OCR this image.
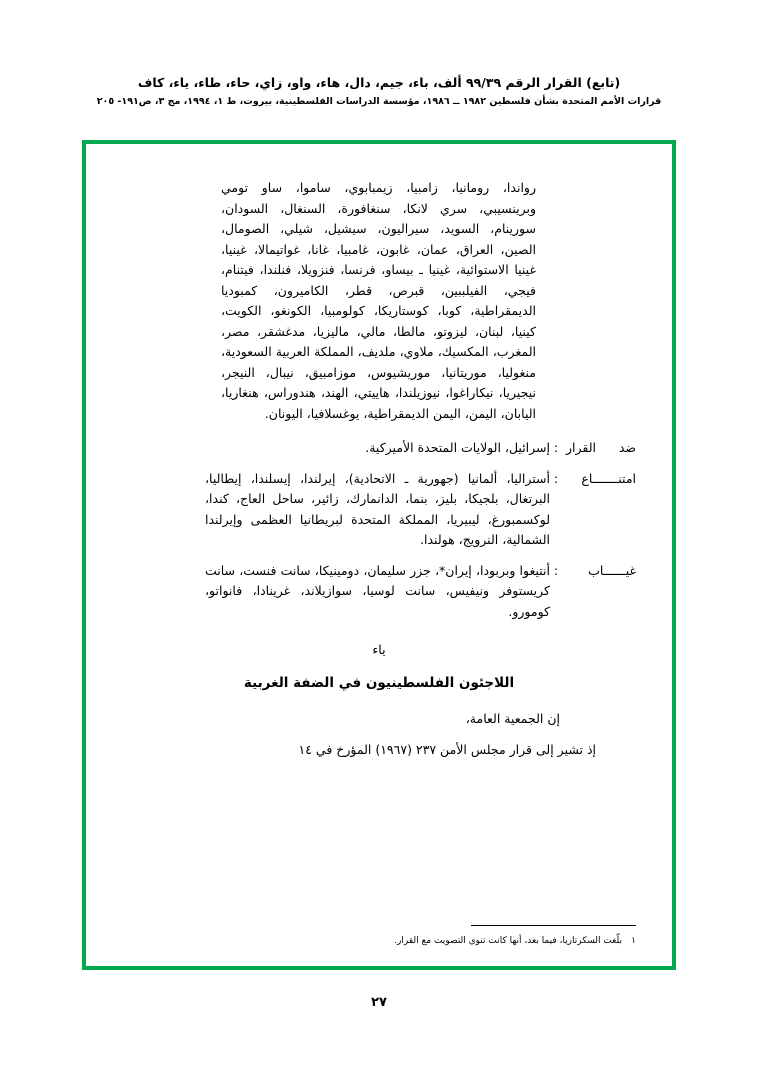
(تابع) القرار الرقم ٩٩/٣٩ ألف، باء، جيم، دال، هاء، واو، زاي، حاء، طاء، ياء، كاف
قرارات الأمم المتحدة بشأن فلسطين ١٩٨٢ ــ ١٩٨٦، مؤسسة الدراسات الفلسطينية، بيروت، ط ١، ١٩٩٤، مج ٣، ص١٩١- ٢٠٥
رواندا، رومانيا، زامبيا، زيمبابوي، ساموا، ساو تومي وبرينسيبي، سري لانكا، سنغافورة، السنغال، السودان، سورينام، السويد، سيراليون، سيشيل، شيلي، الصومال، الصين، العراق، عمان، غابون، غامبيا، غانا، غواتيمالا، غينيا، غينيا الاستوائية، غينيا ـ بيساو، فرنسا، فنزويلا، فنلندا، فيتنام، فيجي، الفيلببين، قبرص، قطر، الكاميرون، كمبوديا الديمقراطية، كوبا، كوستاريكا، كولومبيا، الكونغو، الكويت، كينيا، لبنان، ليزوتو، مالطا، مالي، ماليزيا، مدغشقر، مصر، المغرب، المكسيك، ملاوي، ملديف، المملكة العربية السعودية، منغوليا، موريتانيا، موريشيوس، موزامبيق، نيبال، النيجر، نيجيريا، نيكاراغوا، نيوزيلندا، هاييتي، الهند، هندوراس، هنغاريا، اليابان، اليمن، اليمن الديمقراطية، يوغسلافيا، اليونان.
ضد القرار
:
إسرائيل، الولايات المتحدة الأميركية.
امتنـــــــاع
:
أستراليا، ألمانيا (جهورية ـ الاتحادية)، إيرلندا، إيسلندا، إيطاليا، البرتغال، بلجيكا، بليز، بنما، الدانمارك، زائير، ساحل العاج، كندا، لوكسمبورغ، ليبيريا، المملكة المتحدة لبريطانيا العظمى وإيرلندا الشمالية، النرويج، هولندا.
غيــــــاب
:
أنتيغوا وبربودا، إيران*، جزر سليمان، دومينيكا، سانت فنست، سانت كريستوفر ونيفيس، سانت لوسيا، سوازيلاند، غرينادا، فانواتو، كومورو.
ياء
اللاجئون الفلسطينيون في الضفة الغربية
إن الجمعية العامة،
إذ تشير إلى قرار مجلس الأمن ٢٣٧ (١٩٦٧) المؤرخ في ١٤
١
بلّغت السكرتاريا، فيما بعد، أنها كانت تنوي التصويت مع القرار.
٢٧
